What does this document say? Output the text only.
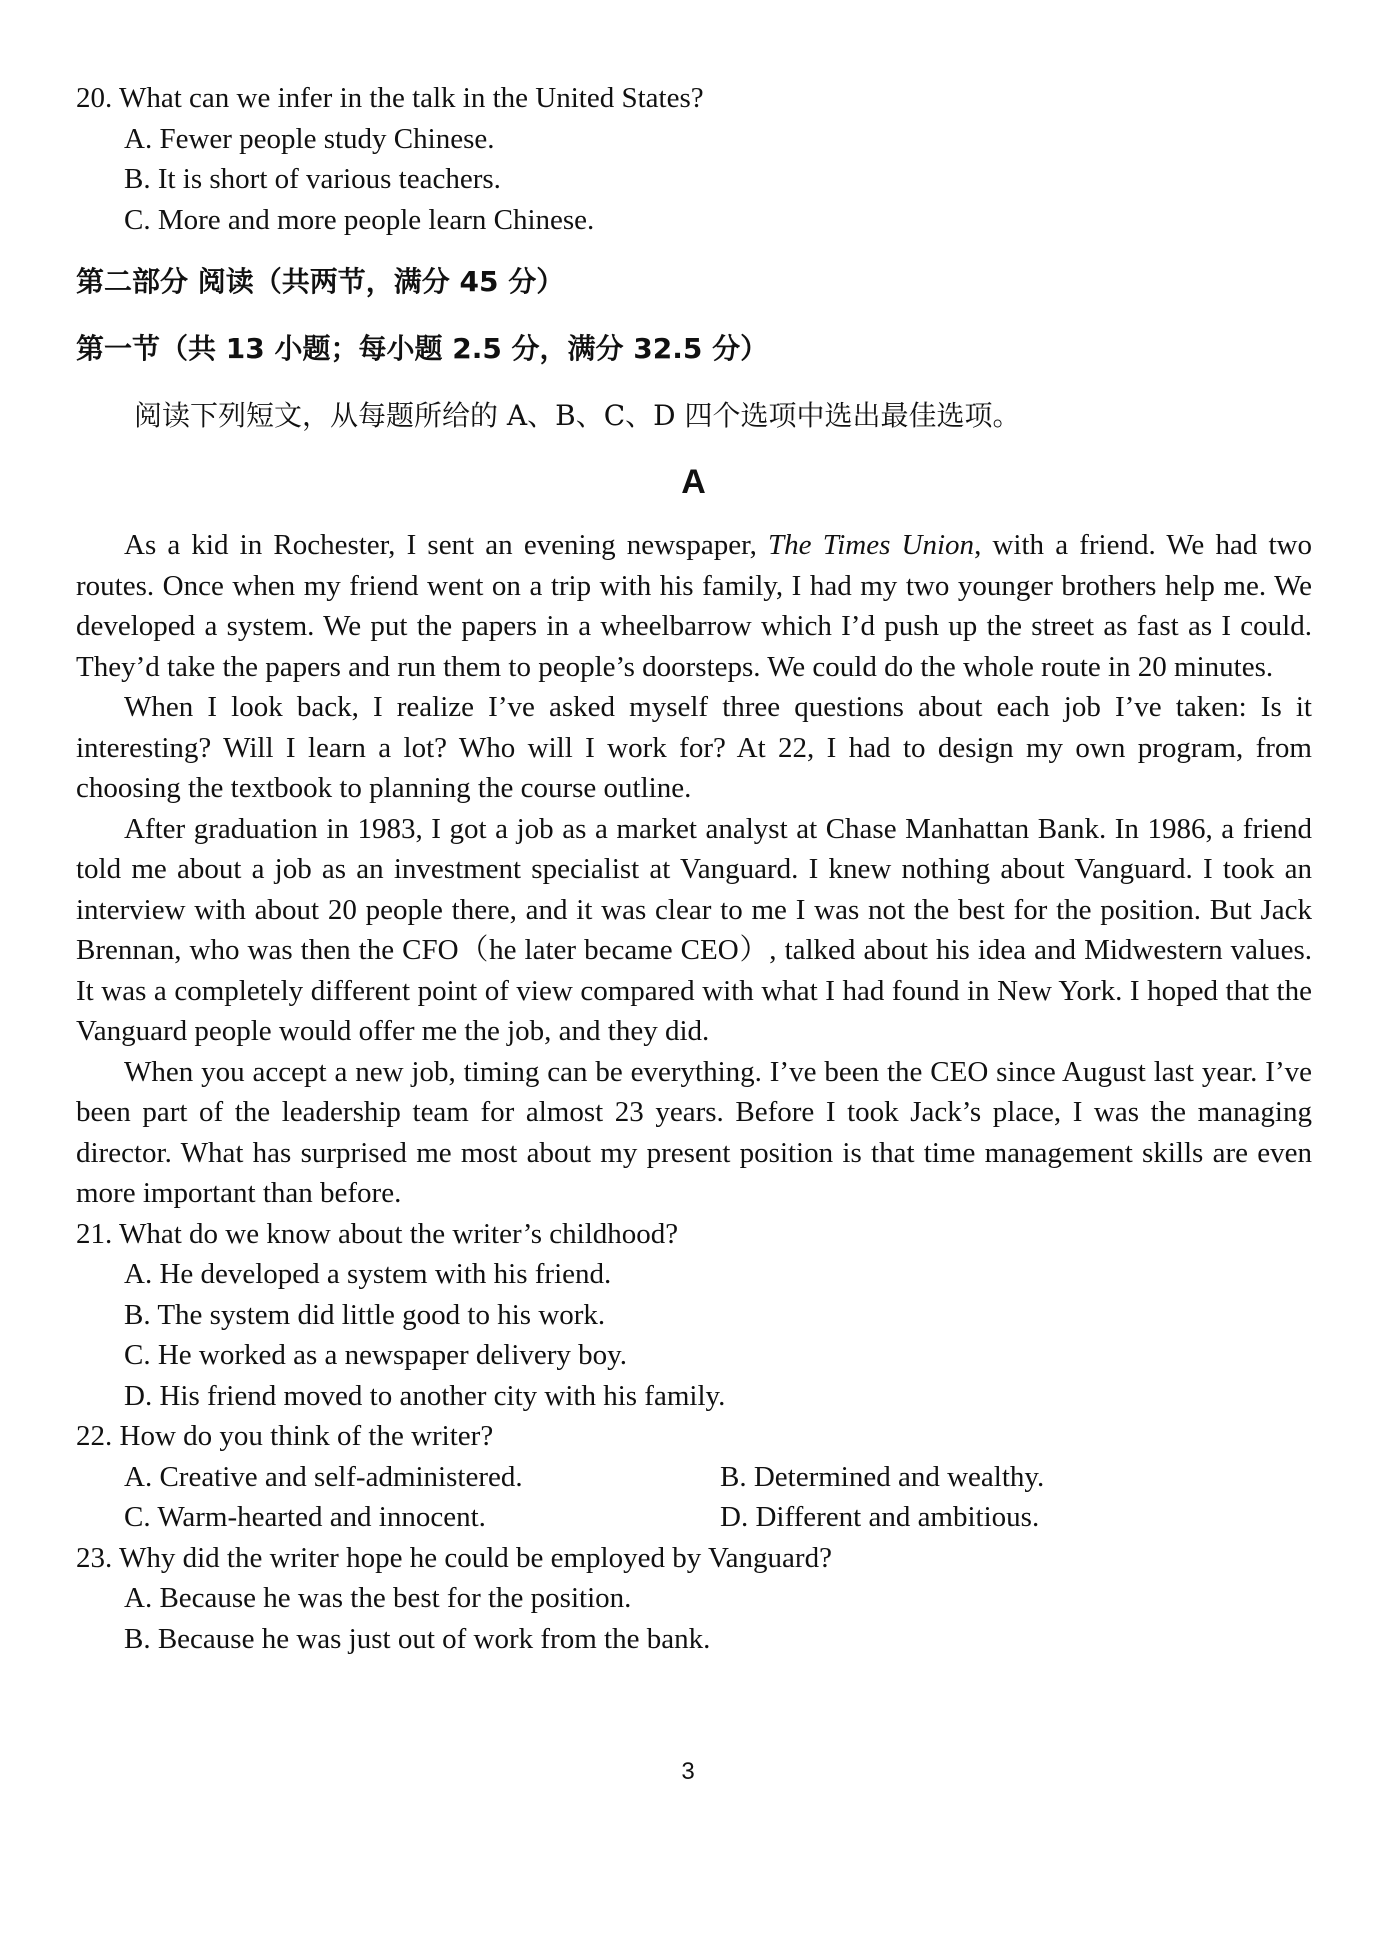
20. What can we infer in the talk in the United States?
A. Fewer people study Chinese.
B. It is short of various teachers.
C. More and more people learn Chinese.
第二部分 阅读（共两节，满分 45 分）
第一节（共 13 小题；每小题 2.5 分，满分 32.5 分）
阅读下列短文，从每题所给的 A、B、C、D 四个选项中选出最佳选项。
A

As a kid in Rochester, I sent an evening newspaper, The Times Union, with a friend. We had two routes. Once when my friend went on a trip with his family, I had my two younger brothers help me. We developed a system. We put the papers in a wheelbarrow which I’d push up the street as fast as I could. They’d take the papers and run them to people’s doorsteps. We could do the whole route in 20 minutes.

When I look back, I realize I’ve asked myself three questions about each job I’ve taken: Is it interesting? Will I learn a lot? Who will I work for? At 22, I had to design my own program, from choosing the textbook to planning the course outline.

After graduation in 1983, I got a job as a market analyst at Chase Manhattan Bank. In 1986, a friend told me about a job as an investment specialist at Vanguard. I knew nothing about Vanguard. I took an interview with about 20 people there, and it was clear to me I was not the best for the position. But Jack Brennan, who was then the CFO（he later became CEO）, talked about his idea and Midwestern values. It was a completely different point of view compared with what I had found in New York. I hoped that the Vanguard people would offer me the job, and they did.

When you accept a new job, timing can be everything. I’ve been the CEO since August last year. I’ve been part of the leadership team for almost 23 years. Before I took Jack’s place, I was the managing director. What has surprised me most about my present position is that time management skills are even more important than before.

21. What do we know about the writer’s childhood?
A. He developed a system with his friend.
B. The system did little good to his work.
C. He worked as a newspaper delivery boy.
D. His friend moved to another city with his family.
22. How do you think of the writer?
A. Creative and self-administered.	B. Determined and wealthy.
C. Warm-hearted and innocent.	D. Different and ambitious.
23. Why did the writer hope he could be employed by Vanguard?
A. Because he was the best for the position.
B. Because he was just out of work from the bank.
3
